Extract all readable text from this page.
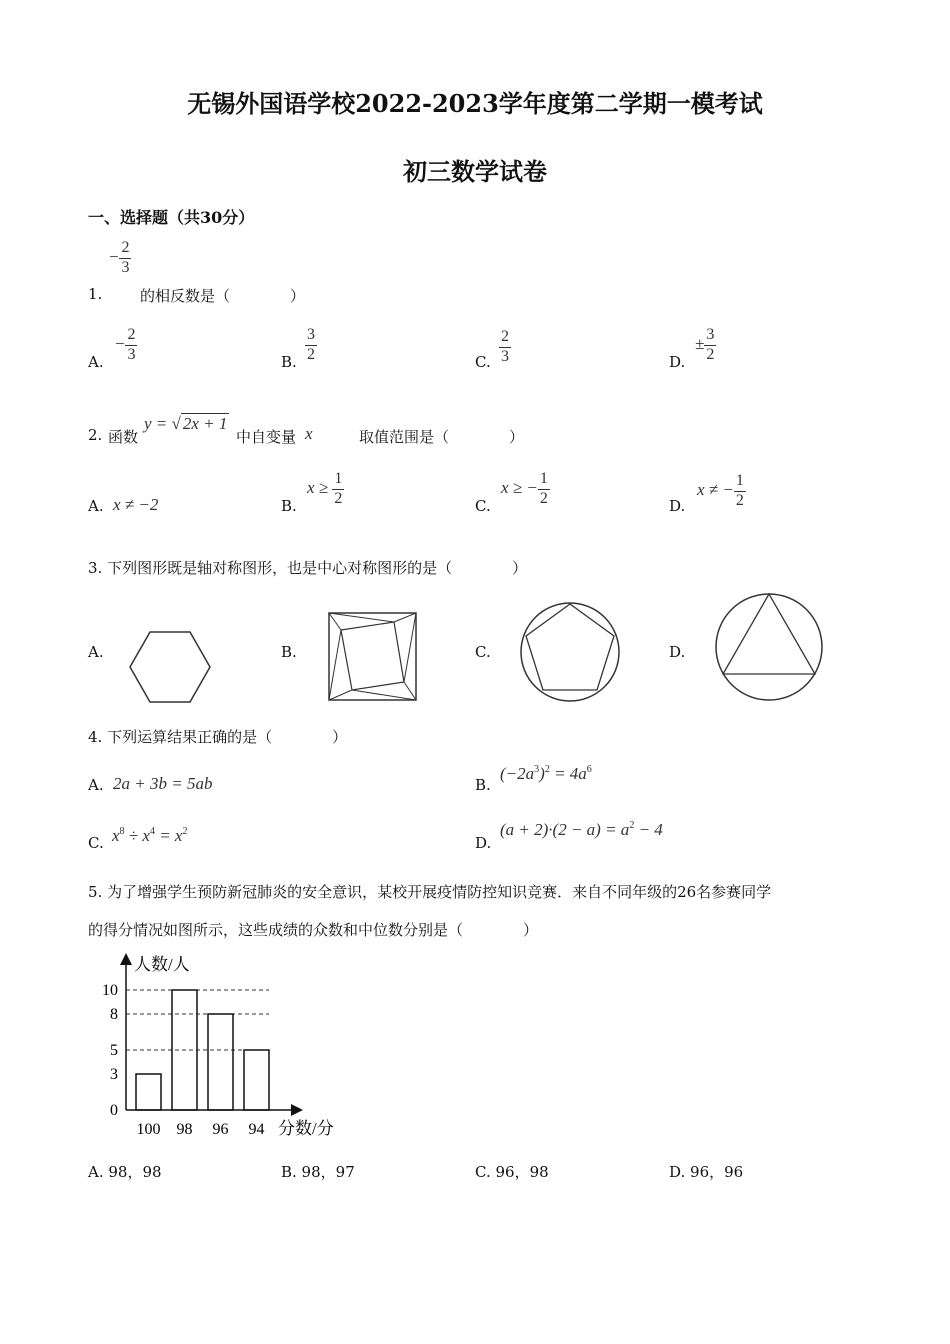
无锡外国语学校2022-2023学年度第二学期一模考试
初三数学试卷
一、选择题（共30分）
1.
− $\frac{2}{3}$
的相反数是（　　　　）
A.
− $\frac{2}{3}$	B. $\frac{3}{2}$	C. $\frac{2}{3}$	D.
± $\frac{3}{2}$
2. 函数
y = √ 2x + 1
中自变量 x	取值范围是（　　　　）
A. x ≠ −2	B.
$x \ge \frac{1}{2}$	C.
x ≥ − $\frac{1}{2}$	D.
x ≠ − $\frac{1}{2}$
3. 下列图形既是轴对称图形，也是中心对称图形的是（　　　　）
A.	B.	C.	D.
4. 下列运算结果正确的是（　　　　）
A. 2a + 3b = 5ab	B.
$(-2a^3)^2 = 4a^6$
C. $x^8 \div x^4 = x^2$
D.
$(a + 2)\cdot(2 - a) = a^2 - 4$
5. 为了增强学生预防新冠肺炎的安全意识，某校开展疫情防控知识竞赛．来自不同年级的26名参赛同学
的得分情况如图所示，这些成绩的众数和中位数分别是（　　　　）
人数/人
分数/分
0
3
5
8
10
100 98 96 94
A. 98，98	B. 98，97	C. 96，98	D. 96，96
